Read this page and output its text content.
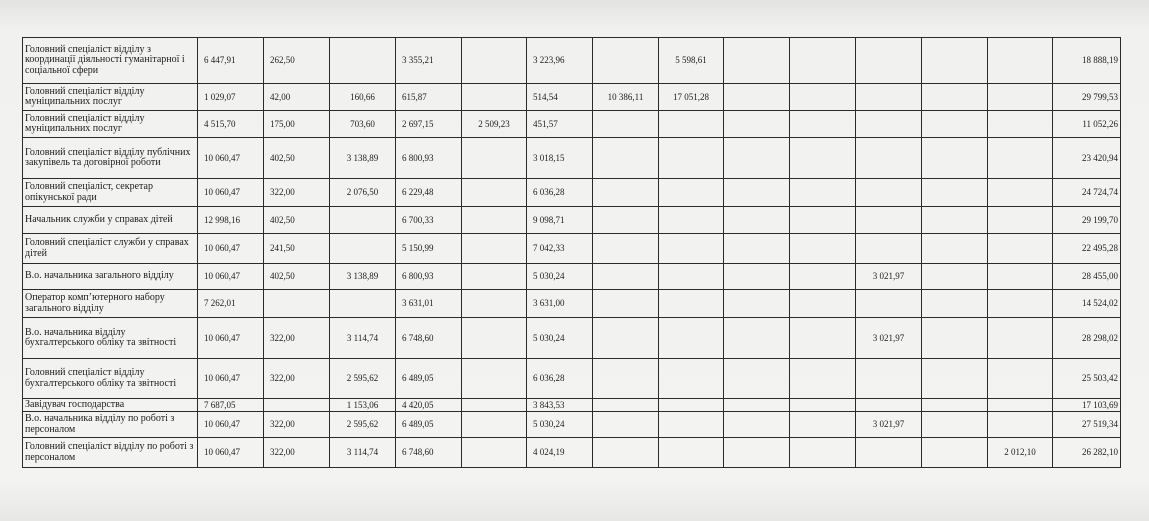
Головний спеціаліст відділу з координації діяльності гуманітарної і соціальної сфери	6 447,91	262,50		3 355,21		3 223,96		5 598,61						18 888,19
Головний спеціаліст відділу муніципальних послуг	1 029,07	42,00	160,66	615,87		514,54	10 386,11	17 051,28						29 799,53
Головний спеціаліст відділу муніципальних послуг	4 515,70	175,00	703,60	2 697,15	2 509,23	451,57								11 052,26
Головний спеціаліст відділу публічних закупівель та договірної роботи	10 060,47	402,50	3 138,89	6 800,93		3 018,15								23 420,94
Головний спеціаліст, секретар опікунської ради	10 060,47	322,00	2 076,50	6 229,48		6 036,28								24 724,74
Начальник служби у справах дітей	12 998,16	402,50		6 700,33		9 098,71								29 199,70
Головний спеціаліст служби у справах дітей	10 060,47	241,50		5 150,99		7 042,33								22 495,28
В.о. начальника загального відділу	10 060,47	402,50	3 138,89	6 800,93		5 030,24					3 021,97			28 455,00
Оператор комп’ютерного набору загального відділу	7 262,01			3 631,01		3 631,00								14 524,02
В.о. начальника відділу бухгалтерського обліку та звітності	10 060,47	322,00	3 114,74	6 748,60		5 030,24					3 021,97			28 298,02
Головний спеціаліст відділу бухгалтерського обліку та звітності	10 060,47	322,00	2 595,62	6 489,05		6 036,28								25 503,42
Завідувач господарства	7 687,05		1 153,06	4 420,05		3 843,53								17 103,69
В.о. начальника відділу по роботі з персоналом	10 060,47	322,00	2 595,62	6 489,05		5 030,24					3 021,97			27 519,34
Головний спеціаліст відділу по роботі з персоналом	10 060,47	322,00	3 114,74	6 748,60		4 024,19							2 012,10	26 282,10
